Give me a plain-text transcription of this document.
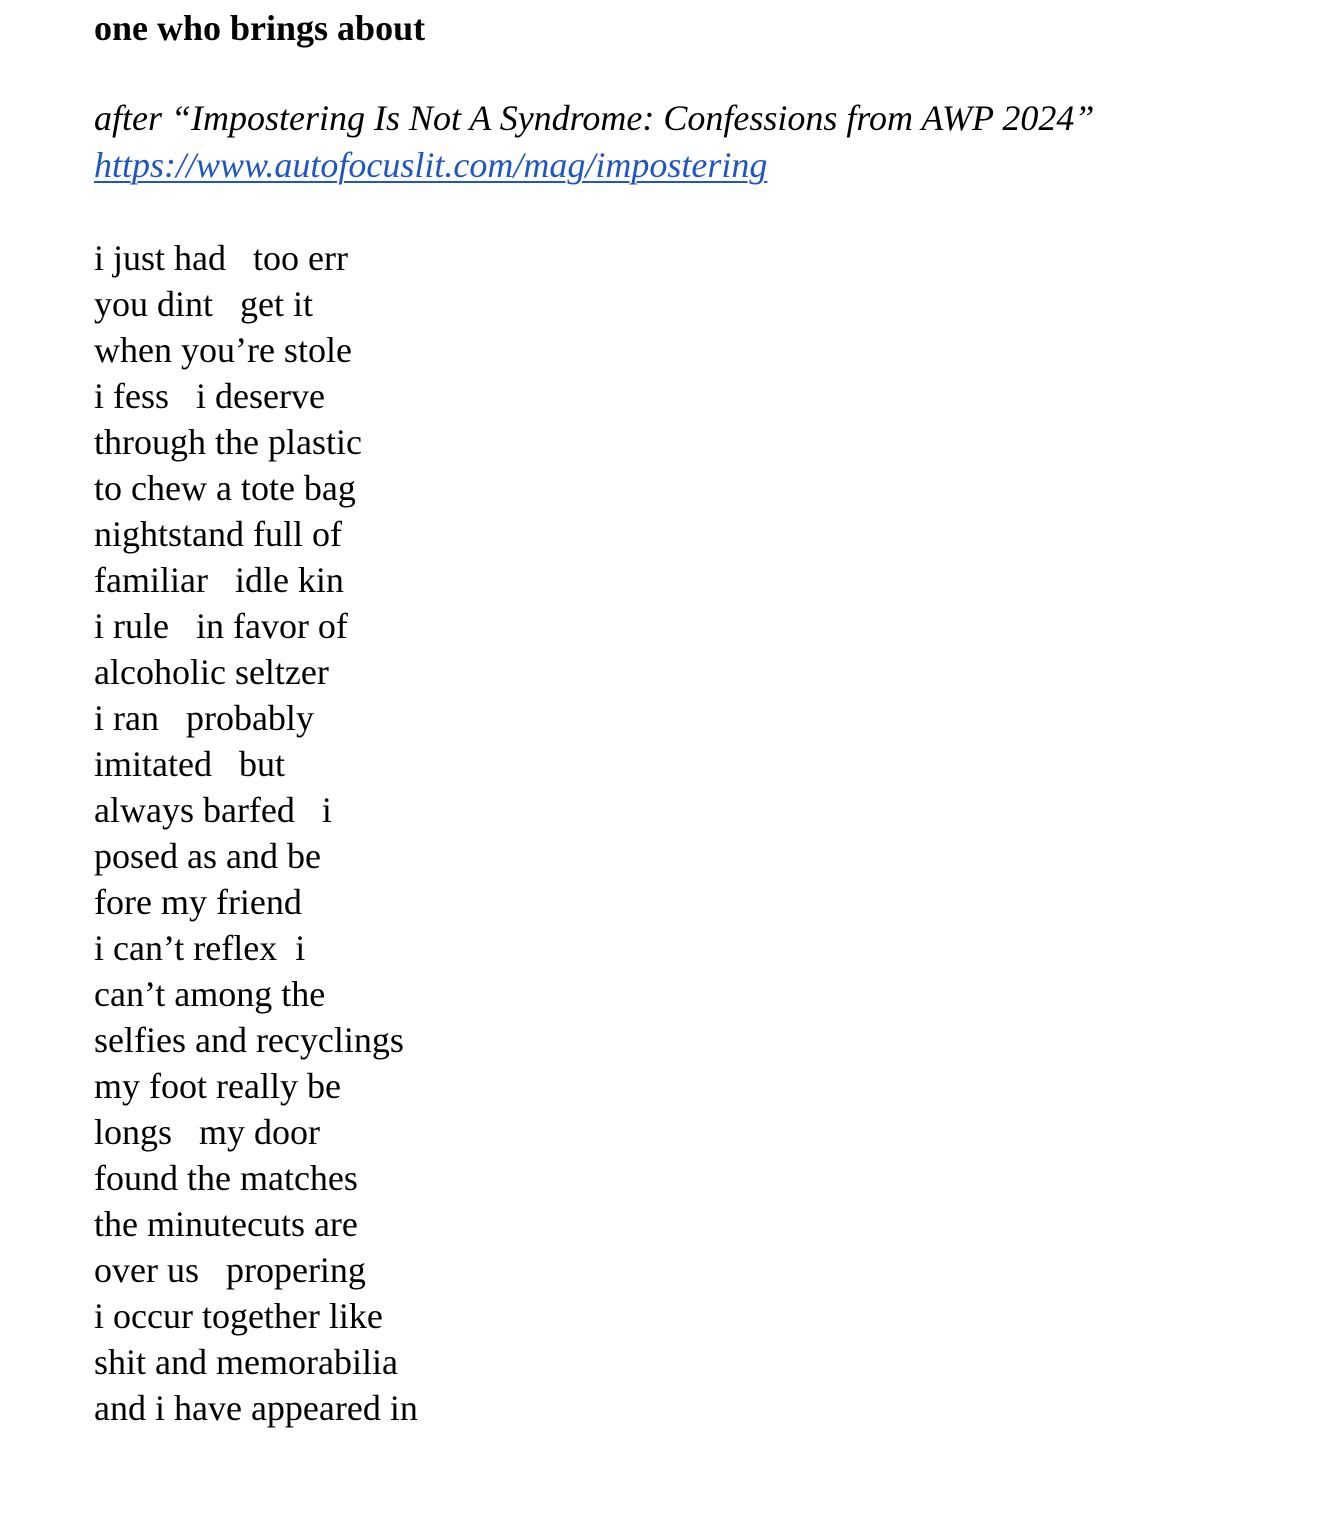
one who brings about
after “Impostering Is Not A Syndrome: Confessions from AWP 2024”
https://www.autofocuslit.com/mag/impostering
i just had   too err
you dint   get it
when you’re stole
i fess   i deserve
through the plastic
to chew a tote bag
nightstand full of
familiar   idle kin
i rule   in favor of
alcoholic seltzer
i ran   probably
imitated   but
always barfed   i
posed as and be
fore my friend
i can’t reflex  i
can’t among the
selfies and recyclings
my foot really be
longs   my door
found the matches
the minutecuts are
over us   propering
i occur together like
shit and memorabilia
and i have appeared in
